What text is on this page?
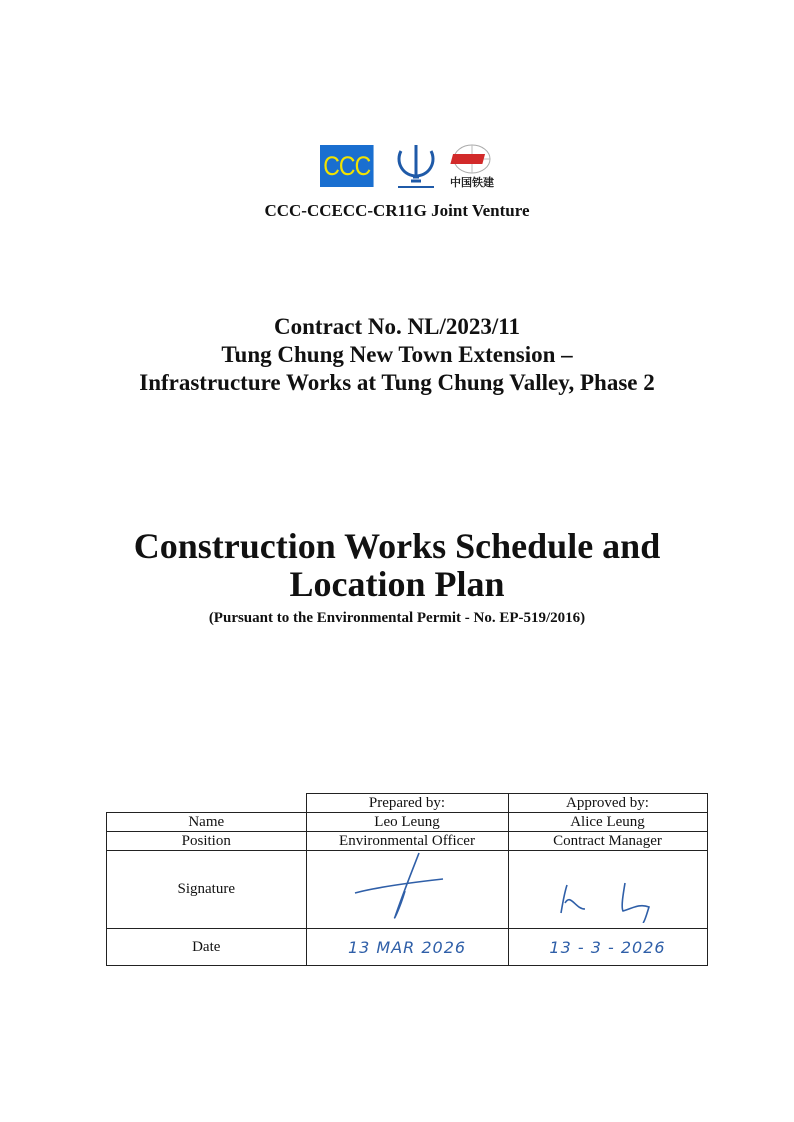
CCC
中国铁建
CCC-CCECC-CR11G Joint Venture
Contract No. NL/2023/11
Tung Chung New Town Extension –
Infrastructure Works at Tung Chung Valley, Phase 2
Construction Works Schedule and
Location Plan
(Pursuant to the Environmental Permit - No. EP-519/2016)
	Prepared by:	Approved by:
Name	Leo Leung	Alice Leung
Position	Environmental Officer	Contract Manager
Signature		
Date	13 MAR 2026	13 - 3 - 2026
